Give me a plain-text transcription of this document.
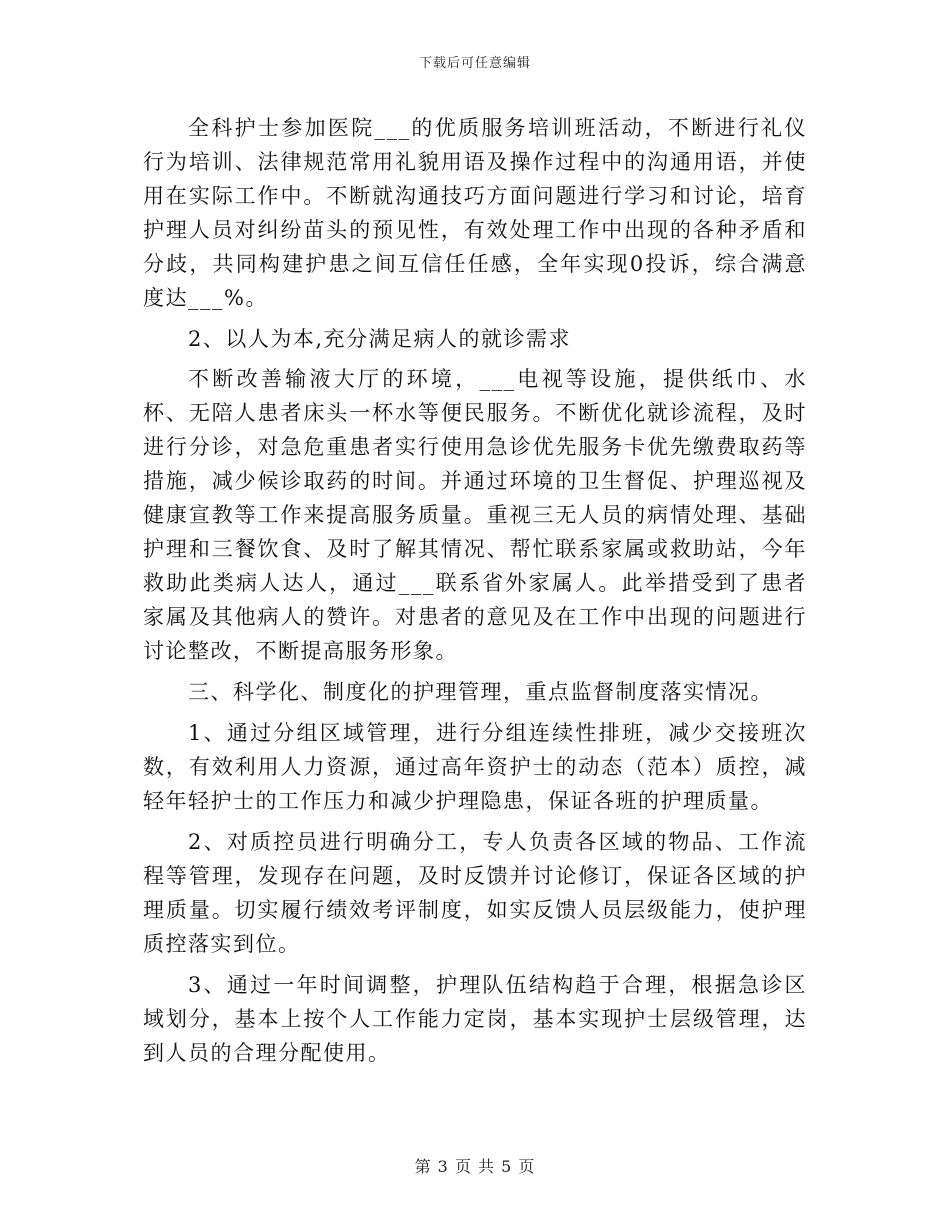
下载后可任意编辑

全科护士参加医院___的优质服务培训班活动，不断进行礼仪行为培训、法律规范常用礼貌用语及操作过程中的沟通用语，并使用在实际工作中。不断就沟通技巧方面问题进行学习和讨论，培育护理人员对纠纷苗头的预见性，有效处理工作中出现的各种矛盾和分歧，共同构建护患之间互信任任感，全年实现0投诉，综合满意度达___%。

2、以人为本,充分满足病人的就诊需求

不断改善输液大厅的环境，___电视等设施，提供纸巾、水杯、无陪人患者床头一杯水等便民服务。不断优化就诊流程，及时进行分诊，对急危重患者实行使用急诊优先服务卡优先缴费取药等措施，减少候诊取药的时间。并通过环境的卫生督促、护理巡视及健康宣教等工作来提高服务质量。重视三无人员的病情处理、基础护理和三餐饮食、及时了解其情况、帮忙联系家属或救助站，今年救助此类病人达人，通过___联系省外家属人。此举措受到了患者家属及其他病人的赞许。对患者的意见及在工作中出现的问题进行讨论整改，不断提高服务形象。

三、科学化、制度化的护理管理，重点监督制度落实情况。

1、通过分组区域管理，进行分组连续性排班，减少交接班次数，有效利用人力资源，通过高年资护士的动态（范本）质控，减轻年轻护士的工作压力和减少护理隐患，保证各班的护理质量。

2、对质控员进行明确分工，专人负责各区域的物品、工作流程等管理，发现存在问题，及时反馈并讨论修订，保证各区域的护理质量。切实履行绩效考评制度，如实反馈人员层级能力，使护理质控落实到位。

3、通过一年时间调整，护理队伍结构趋于合理，根据急诊区域划分，基本上按个人工作能力定岗，基本实现护士层级管理，达到人员的合理分配使用。

第 3 页 共 5 页
